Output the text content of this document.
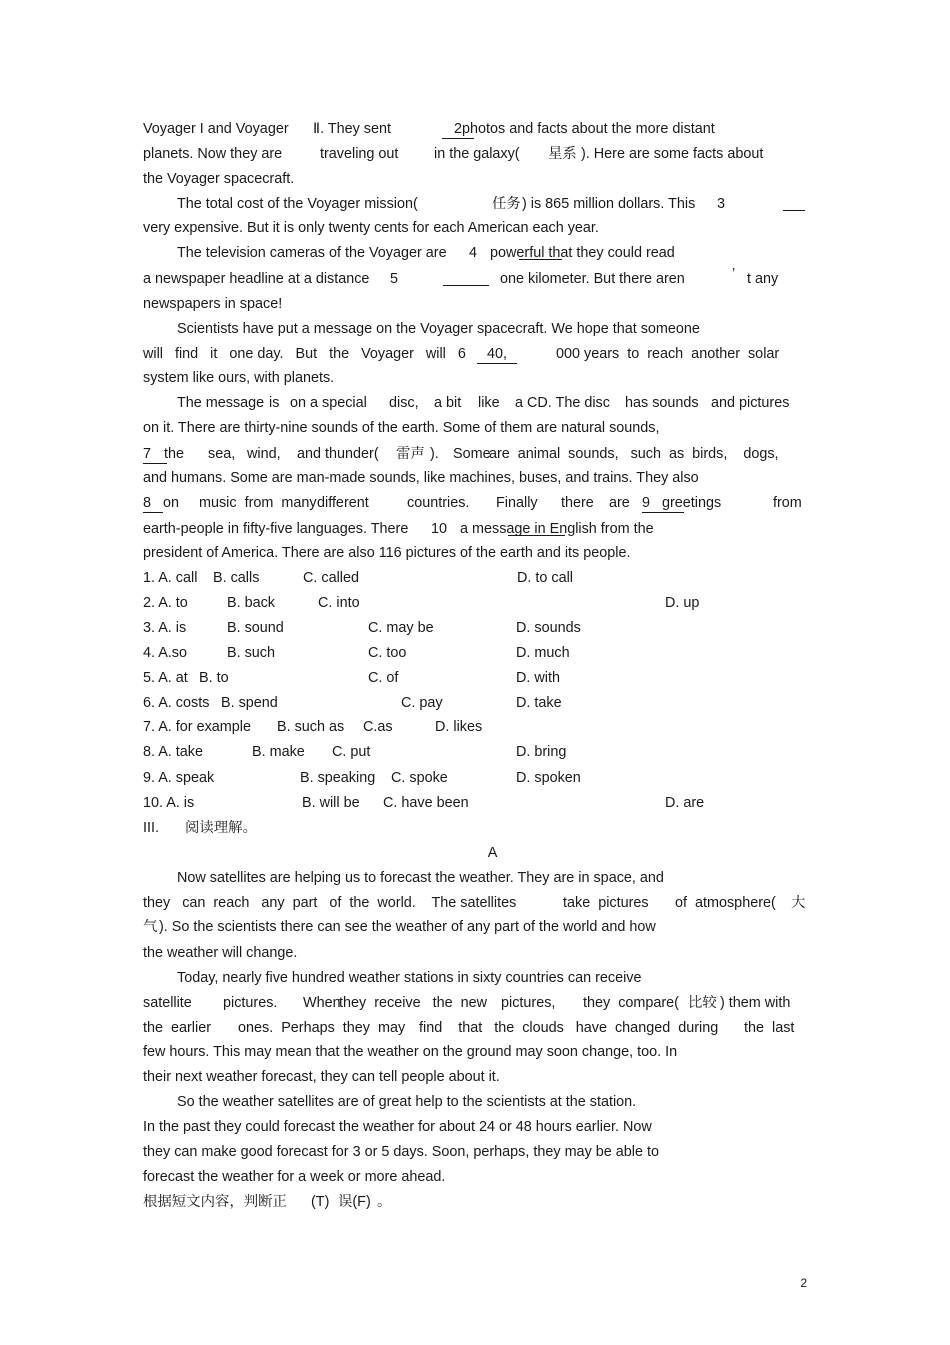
Voyager I and Voyager Ⅱ. They sent	2 photos and facts about the more distant
planets. Now they are	traveling out in the galaxy( 星系 ). Here are some facts about
the Voyager spacecraft.
The total cost of the Voyager mission(	任务 ) is 865 million dollars. This 3
very expensive. But it is only twenty cents for each American each year.
The television cameras of the Voyager are 4 powerful that they could read
a newspaper headline at a distance 5	one kilometer. But there aren	’ t any
newspapers in space!
Scientists have put a message on the Voyager spacecraft. We hope that someone
will   find   it   one day.   But   the   Voyager   will   6	40,	000 years  to  reach  another  solar
system like ours, with planets.
The message is on a special disc, a bit like a CD. The disc has sounds and pictures
on it. There are thirty-nine sounds of the earth. Some of them are natural sounds,
7 the sea, wind, and thunder( 雷声 ). Some
are  animal  sounds,   such  as  birds,    dogs,
and humans. Some are man-made sounds, like machines, buses, and trains. They also
8 on music  from  many different	countries. Finally there are 9 greetings	from
earth-people in fifty-five languages. There 10 a message in English from the
president of America. There are also 116 pictures of the earth and its people.
1. A. call B. calls	C. called	D. to call
2. A. to	B. back	C. into	D. up
3. A. is	B. sound	C. may be	D. sounds
4. A.so	B. such	C. too	D. much
5. A. at B. to	C. of	D. with
6. A. costs B. spend	C. pay	D. take
7. A. for example B. such as C.as	D. likes
8. A. take	B. make C. put	D. bring
9. A. speak	B. speaking C. spoke	D. spoken
10. A. is	B. will be C. have been	D. are
III. 阅读理解。
A
Now satellites are helping us to forecast the weather. They are in space, and
they   can  reach   any  part   of  the  world.    The satellites	take  pictures of  atmosphere( 大
气 ). So the scientists there can see the weather of any part of the world and how
the weather will change.
Today, nearly five hundred weather stations in sixty countries can receive
satellite pictures. When
they  receive   the  new pictures, they  compare( 比较 ) them with
the  earlier ones.  Perhaps  they  may find    that   the  clouds   have  changed  during the  last
few hours. This may mean that the weather on the ground may soon change, too. In
their next weather forecast, they can tell people about it.
So the weather satellites are of great help to the scientists at the station.
In the past they could forecast the weather for about 24 or 48 hours earlier. Now
they can make good forecast for 3 or 5 days. Soon, perhaps, they may be able to
forecast the weather for a week or more ahead.
根据短文内容，判断正 (T) 误(F) 。
2
